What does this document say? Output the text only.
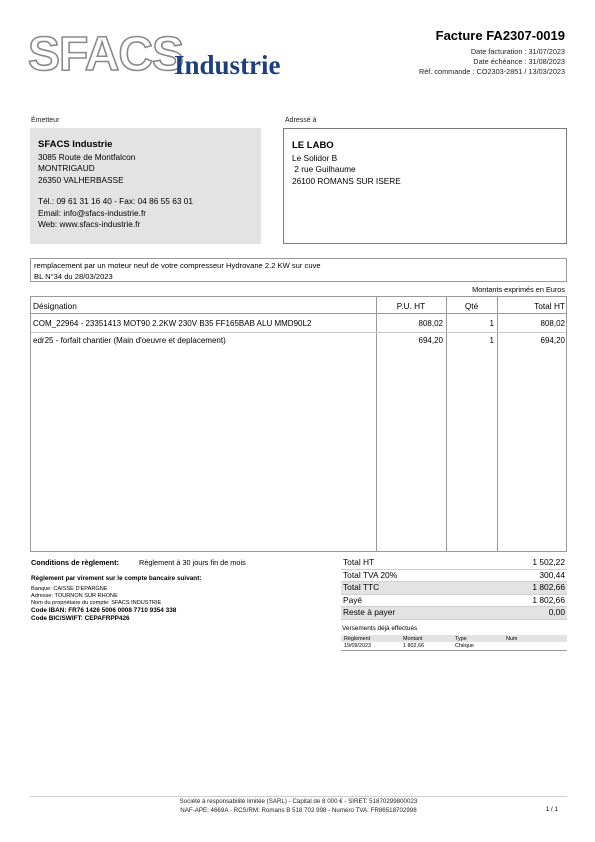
SFACS
Industrie
Facture FA2307-0019
Date facturation : 31/07/2023
Date échéance : 31/08/2023
Réf. commande : CO2303-2851 / 13/03/2023
Émetteur	Adressé à
SFACS Industrie
3085 Route de Montfalcon
MONTRIGAUD
26350 VALHERBASSE
Tél.: 09 61 31 16 40 - Fax: 04 86 55 63 01
Email: info@sfacs-industrie.fr
Web: www.sfacs-industrie.fr
LE LABO
Le Solidor B
2 rue Guilhaume
26100 ROMANS SUR ISERE
remplacement par un moteur neuf de votre compresseur Hydrovane 2.2 KW sur cuve
BL N°34 du 28/03/2023
Montants exprimés en Euros
Désignation	P.U. HT	Qté	Total HT
COM_22964 - 23351413 MOT90 2.2KW 230V B35 FF165BAB ALU MMD90L2	808,02	1	808,02
edr25 - forfait chantier (Main d'oeuvre et deplacement)	694,20	1	694,20
Conditions de règlement:	Règlement à 30 jours fin de mois
Règlement par virement sur le compte bancaire suivant:
Banque: CAISSE D'EPARGNE
Adresse: TOURNON SUR RHONE
Nom du propriétaire du compte: SFACS INDUSTRIE
Code IBAN: FR76 1426 5006 0008 7710 9354 338
Code BIC/SWIFT: CEPAFRPP426
Total HT	1 502,22
Total TVA 20%	300,44
Total TTC	1 802,66
Payé	1 802,66
Reste à payer	0,00
Versements déjà effectués
Règlement	Montant	Type	Num
19/09/2023	1 802,66	Chèque
Société à responsabilité limitée (SARL) - Capital de 8 000 € - SIRET: 51870299800023
NAF-APE: 4669A - RCS/RM: Romans B 518 702 998 - Numéro TVA: FR86518702998	1 / 1
